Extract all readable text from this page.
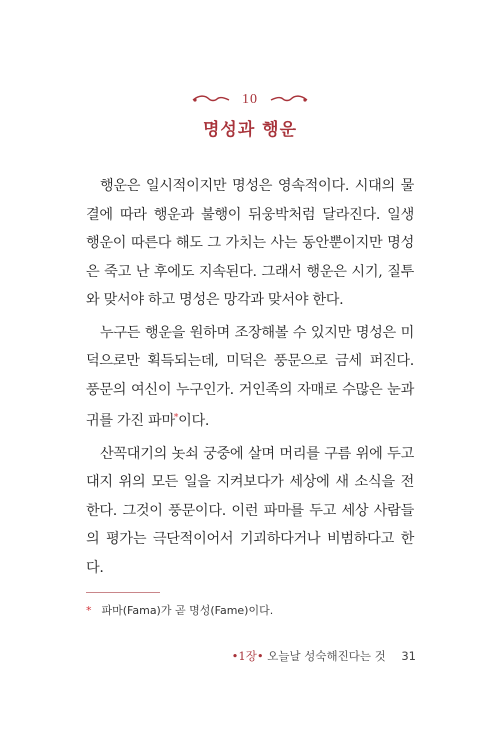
10
명성과 행운

행운은 일시적이지만 명성은 영속적이다. 시대의 물결에 따라 행운과 불행이 뒤웅박처럼 달라진다. 일생 행운이 따른다 해도 그 가치는 사는 동안뿐이지만 명성은 죽고 난 후에도 지속된다. 그래서 행운은 시기, 질투와 맞서야 하고 명성은 망각과 맞서야 한다.

누구든 행운을 원하며 조장해볼 수 있지만 명성은 미덕으로만 획득되는데, 미덕은 풍문으로 금세 퍼진다. 풍문의 여신이 누구인가. 거인족의 자매로 수많은 눈과 귀를 가진 파마*이다.

산꼭대기의 놋쇠 궁중에 살며 머리를 구름 위에 두고 대지 위의 모든 일을 지켜보다가 세상에 새 소식을 전한다. 그것이 풍문이다. 이런 파마를 두고 세상 사람들의 평가는 극단적이어서 기괴하다거나 비범하다고 한다.

* 파마(Fama)가 곧 명성(Fame)이다.
•1장• 오늘날 성숙해진다는 것 31
